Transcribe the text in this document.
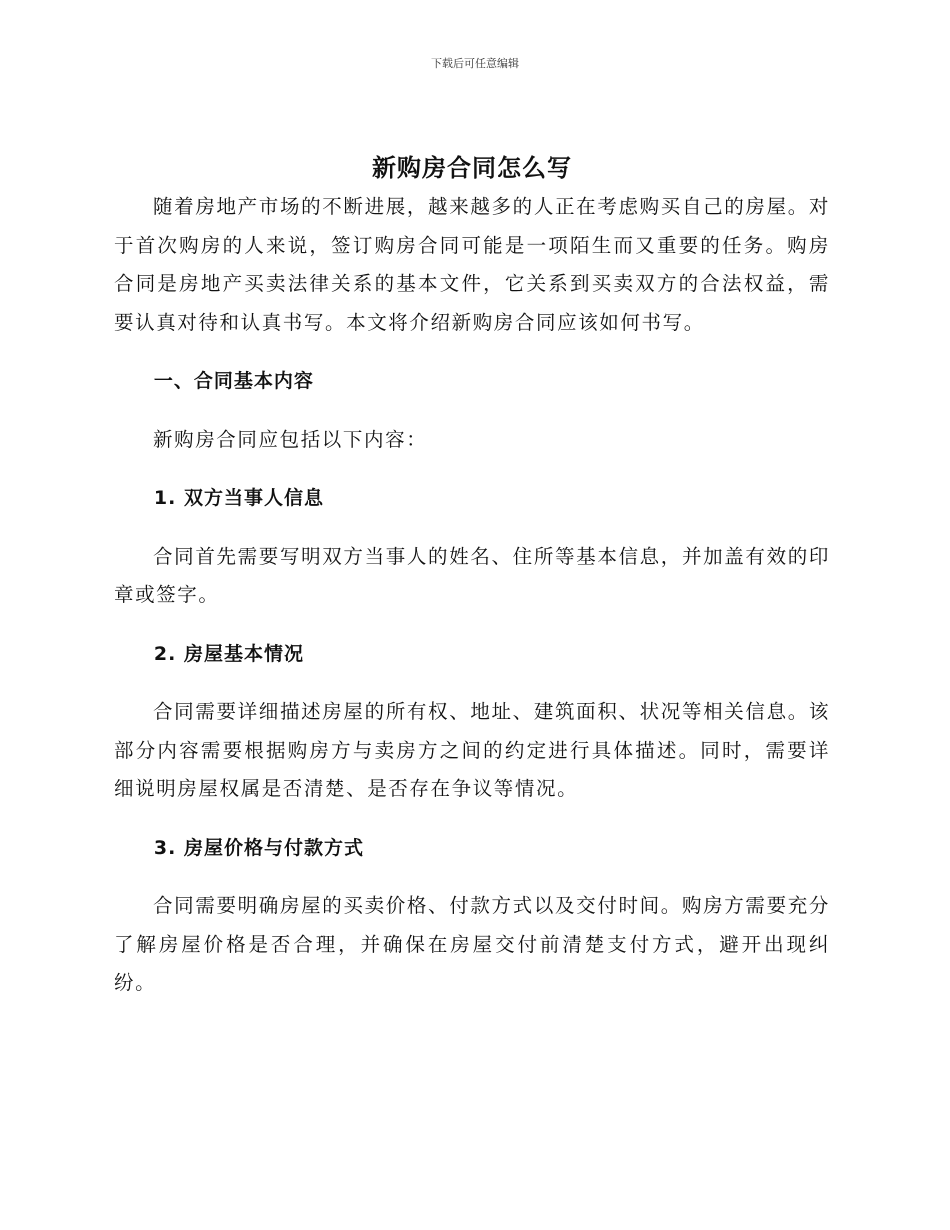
下载后可任意编辑
新购房合同怎么写

随着房地产市场的不断进展，越来越多的人正在考虑购买自己的房屋。对于首次购房的人来说，签订购房合同可能是一项陌生而又重要的任务。购房合同是房地产买卖法律关系的基本文件，它关系到买卖双方的合法权益，需要认真对待和认真书写。本文将介绍新购房合同应该如何书写。

一、合同基本内容

新购房合同应包括以下内容：

1. 双方当事人信息

合同首先需要写明双方当事人的姓名、住所等基本信息，并加盖有效的印章或签字。

2. 房屋基本情况

合同需要详细描述房屋的所有权、地址、建筑面积、状况等相关信息。该部分内容需要根据购房方与卖房方之间的约定进行具体描述。同时，需要详细说明房屋权属是否清楚、是否存在争议等情况。

3. 房屋价格与付款方式

合同需要明确房屋的买卖价格、付款方式以及交付时间。购房方需要充分了解房屋价格是否合理，并确保在房屋交付前清楚支付方式，避开出现纠纷。
